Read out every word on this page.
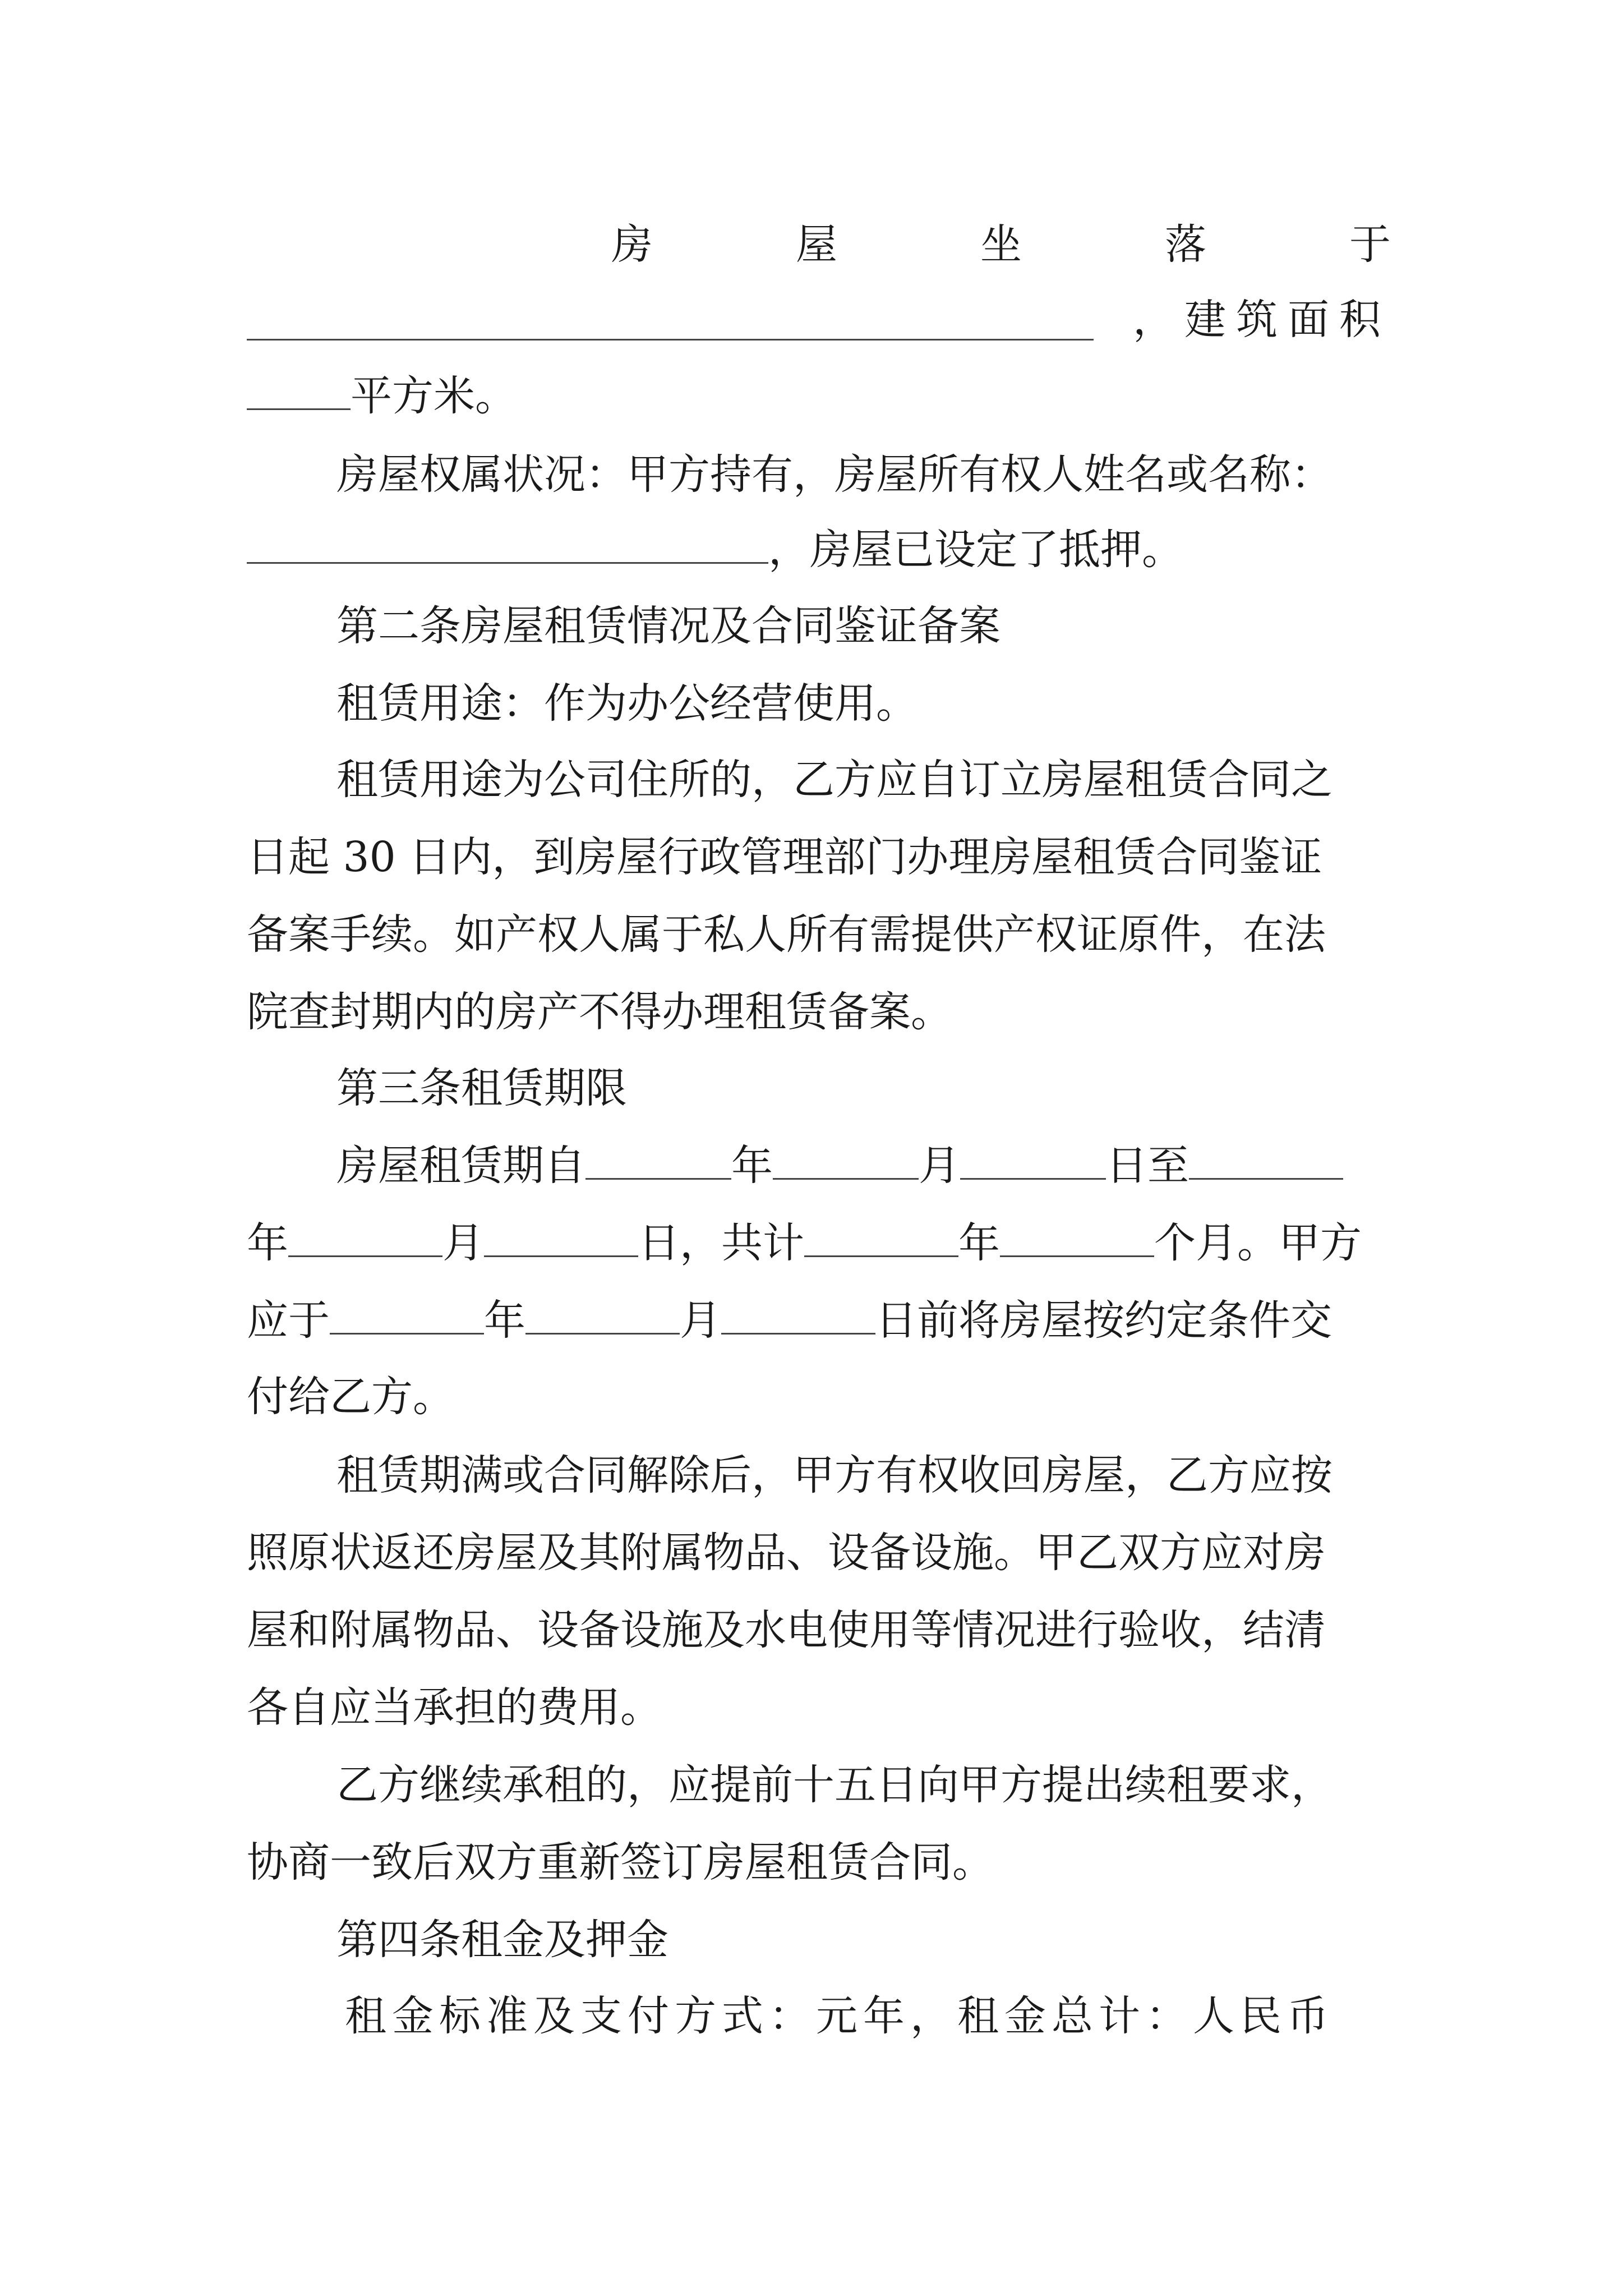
房	屋	坐	落	于
，建筑面积
平方米。
房屋权属状况：甲方持有，房屋所有权人姓名或名称：
，房屋已设定了抵押。
第二条房屋租赁情况及合同鉴证备案
租赁用途：作为办公经营使用。
租赁用途为公司住所的，乙方应自订立房屋租赁合同之
日起 30 日内，到房屋行政管理部门办理房屋租赁合同鉴证
备案手续。如产权人属于私人所有需提供产权证原件，在法
院查封期内的房产不得办理租赁备案。
第三条租赁期限
房屋租赁期自	年	月	日至
年	月	日，共计	年	个月。甲方
应于	年	月	日前将房屋按约定条件交
付给乙方。
租赁期满或合同解除后，甲方有权收回房屋，乙方应按
照原状返还房屋及其附属物品、设备设施。甲乙双方应对房
屋和附属物品、设备设施及水电使用等情况进行验收，结清
各自应当承担的费用。
乙方继续承租的，应提前十五日向甲方提出续租要求，
协商一致后双方重新签订房屋租赁合同。
第四条租金及押金
租金标准及支付方式：元年，租金总计：人民币
